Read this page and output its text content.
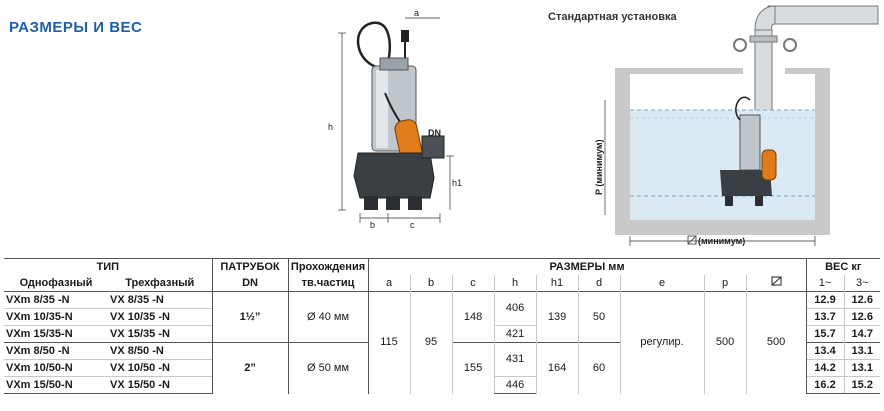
РАЗМЕРЫ И ВЕС
Стандартная установка
h
h1
a
DN
b	c
P (минимум)
(минимум)
ТИП		ПАТРУБОК	Прохождения	РАЗМЕРЫ мм									ВЕС кг	
Однофазный	Трехфазный	DN	тв.частиц	a	b	c	h	h1	d	e	p		1~	3~
VXm 8/35 -N	VX 8/35 -N	1½”	Ø 40 мм	115	95	148	406	139	50	регулир.	500	500	12.9	12.6
VXm 10/35-N	VX 10/35 -N												13.7	12.6
VXm 15/35-N	VX 15/35 -N						421						15.7	14.7
VXm 8/50 -N	VX 8/50 -N	2”	Ø 50 мм			155	431	164	60				13.4	13.1
VXm 10/50-N	VX 10/50 -N												14.2	13.1
VXm 15/50-N	VX 15/50 -N						446						16.2	15.2
